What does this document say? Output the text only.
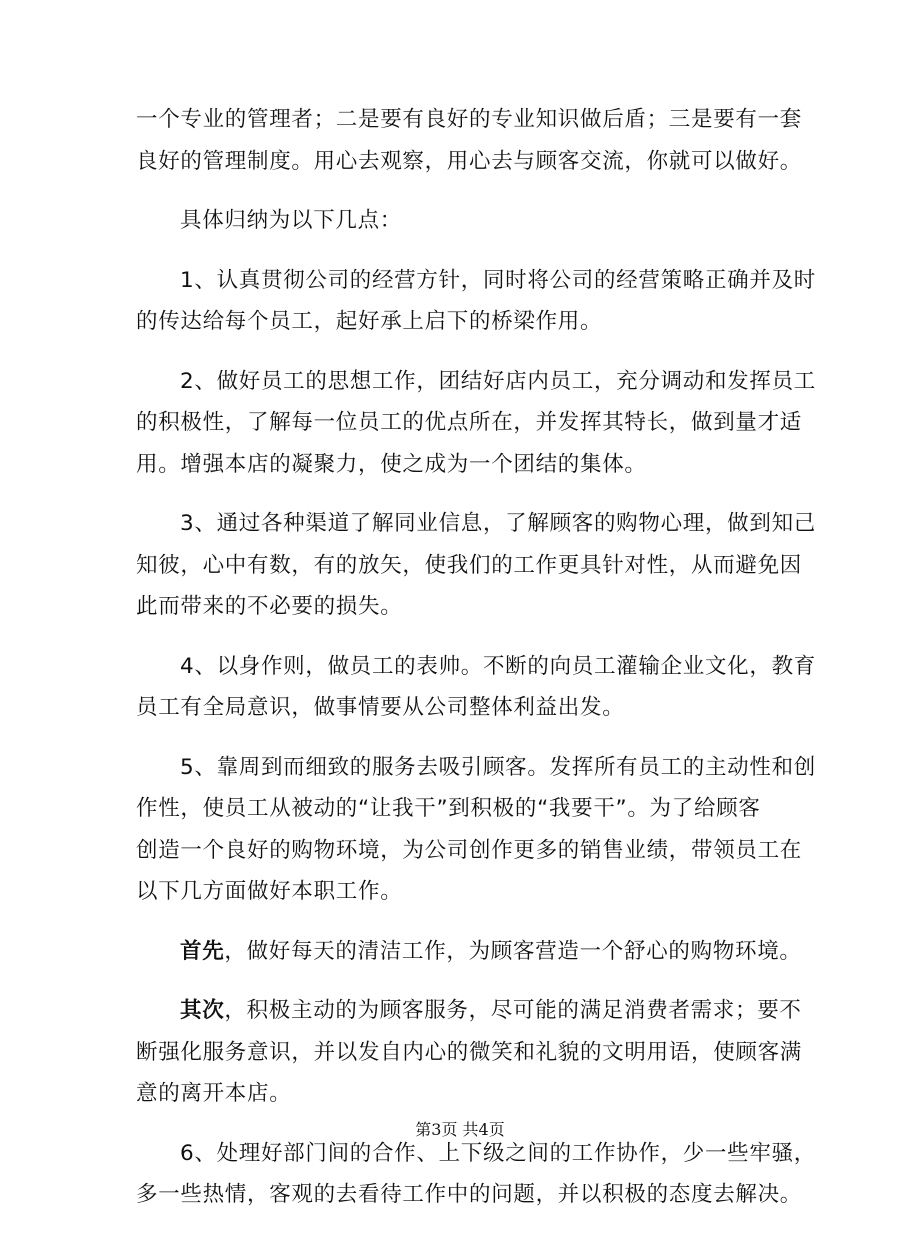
一个专业的管理者；二是要有良好的专业知识做后盾；三是要有一套
良好的管理制度。用心去观察，用心去与顾客交流，你就可以做好。

具体归纳为以下几点：

1、认真贯彻公司的经营方针，同时将公司的经营策略正确并及时
的传达给每个员工，起好承上启下的桥梁作用。

2、做好员工的思想工作，团结好店内员工，充分调动和发挥员工
的积极性，了解每一位员工的优点所在，并发挥其特长，做到量才适
用。增强本店的凝聚力，使之成为一个团结的集体。

3、通过各种渠道了解同业信息，了解顾客的购物心理，做到知己
知彼，心中有数，有的放矢，使我们的工作更具针对性，从而避免因
此而带来的不必要的损失。

4、以身作则，做员工的表帅。不断的向员工灌输企业文化，教育
员工有全局意识，做事情要从公司整体利益出发。

5、靠周到而细致的服务去吸引顾客。发挥所有员工的主动性和创
作性，使员工从被动的“让我干”到积极的“我要干”。为了给顾客
创造一个良好的购物环境，为公司创作更多的销售业绩，带领员工在
以下几方面做好本职工作。

首先，做好每天的清洁工作，为顾客营造一个舒心的购物环境。

其次，积极主动的为顾客服务，尽可能的满足消费者需求；要不
断强化服务意识，并以发自内心的微笑和礼貌的文明用语，使顾客满
意的离开本店。

6、处理好部门间的合作、上下级之间的工作协作，少一些牢骚，
多一些热情，客观的去看待工作中的问题，并以积极的态度去解决。

第3页 共4页
